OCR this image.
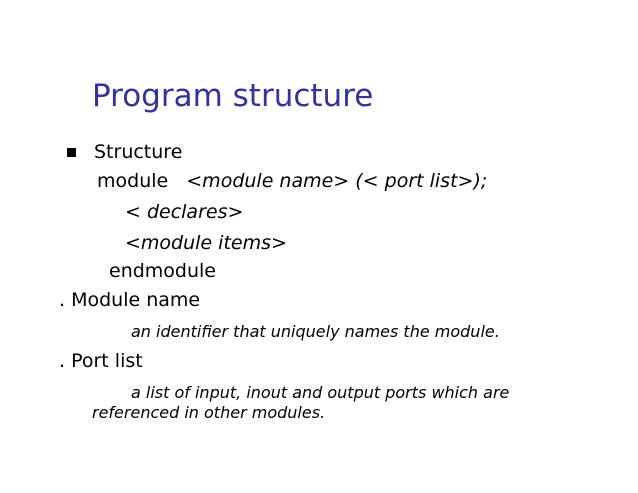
Program structure
Structure
module <module name> (< port list>);
< declares>
<module items>
endmodule
. Module name
an identifier that uniquely names the module.
. Port list
a list of input, inout and output ports which are
referenced in other modules.
